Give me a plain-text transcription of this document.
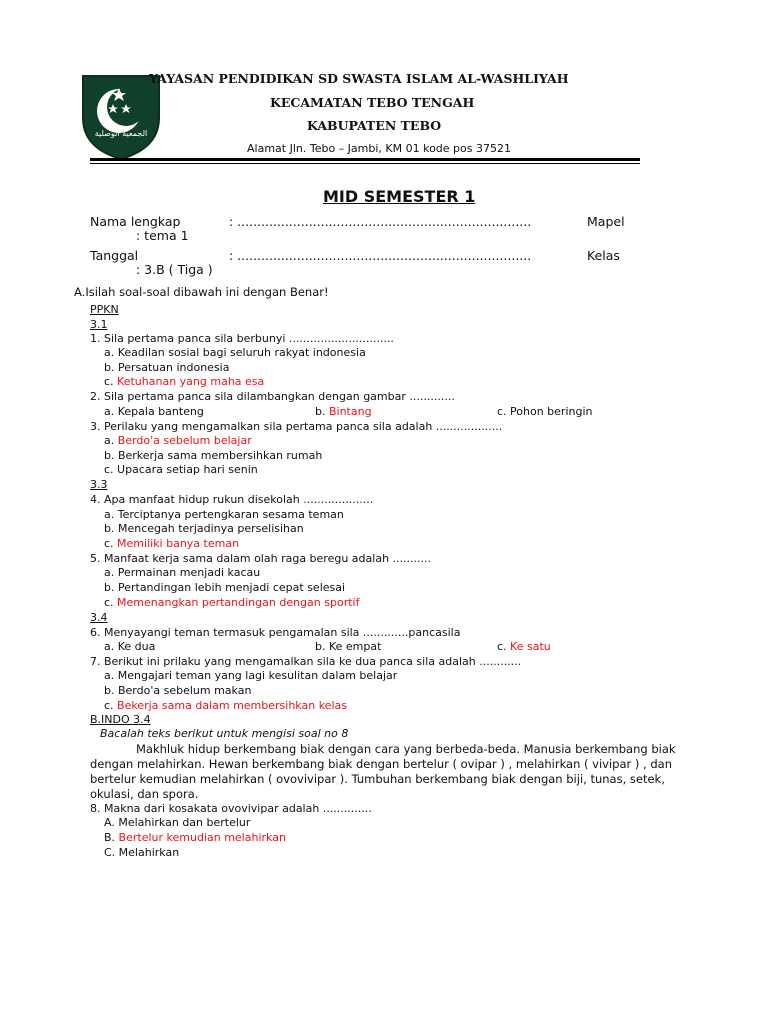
الجمعية الوصلية
YAYASAN PENDIDIKAN SD SWASTA ISLAM AL-WASHLIYAH
KECAMATAN TEBO TENGAH
KABUPATEN TEBO
Alamat Jln. Tebo – Jambi, KM 01 kode pos 37521
MID SEMESTER 1
Nama lengkap	: ..........................................................................	Mapel
: tema 1
Tanggal	: ..........................................................................	Kelas
: 3.B ( Tiga )
A.Isilah soal-soal dibawah ini dengan Benar!
PPKN
3.1
1. Sila pertama panca sila berbunyi ..............................
a. Keadilan sosial bagi seluruh rakyat indonesia
b. Persatuan indonesia
c. Ketuhanan yang maha esa
2. Sila pertama panca sila dilambangkan dengan gambar .............
a. Kepala banteng	b. Bintang	c. Pohon beringin
3. Perilaku yang mengamalkan sila pertama panca sila adalah ...................
a. Berdo'a sebelum belajar
b. Berkerja sama membersihkan rumah
c. Upacara setiap hari senin
3.3
4. Apa manfaat hidup rukun disekolah ....................
a. Terciptanya pertengkaran sesama teman
b. Mencegah terjadinya perselisihan
c. Memiliki banya teman
5. Manfaat kerja sama dalam olah raga beregu adalah ...........
a. Permainan menjadi kacau
b. Pertandingan lebih menjadi cepat selesai
c. Memenangkan pertandingan dengan sportif
3.4
6. Menyayangi teman termasuk pengamalan sila .............pancasila
a. Ke dua	b. Ke empat	c. Ke satu
7. Berikut ini prilaku yang mengamalkan sila ke dua panca sila adalah ............
a. Mengajari teman yang lagi kesulitan dalam belajar
b. Berdo'a sebelum makan
c. Bekerja sama dalam membersihkan kelas
B.INDO 3.4
Bacalah teks berikut untuk mengisi soal no 8
Makhluk hidup berkembang biak dengan cara yang berbeda-beda. Manusia berkembang biak
dengan melahirkan. Hewan berkembang biak dengan bertelur ( ovipar ) , melahirkan ( vivipar ) , dan
bertelur kemudian melahirkan ( ovovivipar ). Tumbuhan berkembang biak dengan biji, tunas, setek,
okulasi, dan spora.
8. Makna dari kosakata ovovivipar adalah ..............
A. Melahirkan dan bertelur
B. Bertelur kemudian melahirkan
C. Melahirkan
